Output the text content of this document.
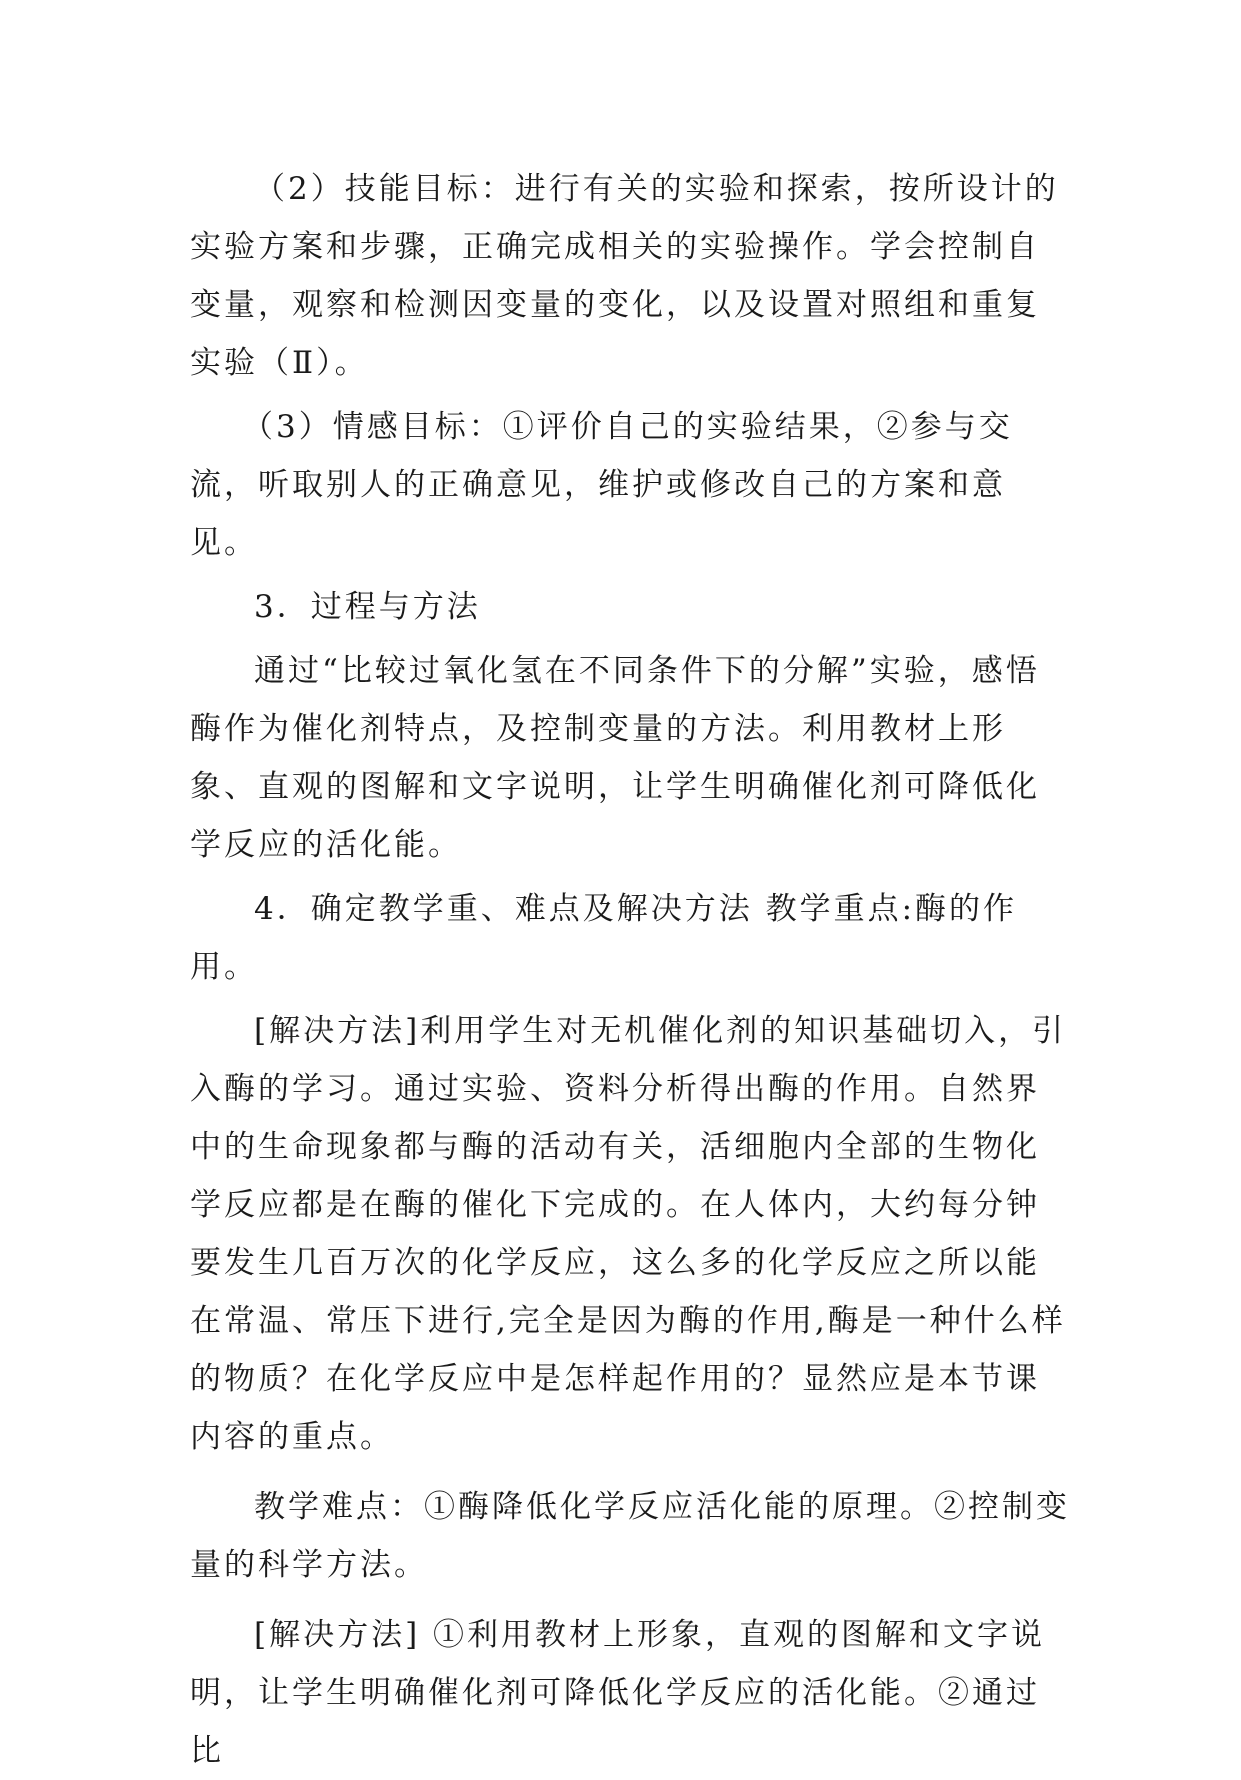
（2）技能目标：进行有关的实验和探索，按所设计的实验方案和步骤，正确完成相关的实验操作。学会控制自变量，观察和检测因变量的变化，以及设置对照组和重复实验（Ⅱ）。

（3）情感目标：①评价自己的实验结果，②参与交流，听取别人的正确意见，维护或修改自己的方案和意见。

3．过程与方法

通过“比较过氧化氢在不同条件下的分解”实验，感悟酶作为催化剂特点，及控制变量的方法。利用教材上形象、直观的图解和文字说明，让学生明确催化剂可降低化学反应的活化能。

4．确定教学重、难点及解决方法 教学重点:酶的作用。

[解决方法]利用学生对无机催化剂的知识基础切入，引入酶的学习。通过实验、资料分析得出酶的作用。自然界中的生命现象都与酶的活动有关，活细胞内全部的生物化学反应都是在酶的催化下完成的。在人体内，大约每分钟要发生几百万次的化学反应，这么多的化学反应之所以能在常温、常压下进行,完全是因为酶的作用,酶是一种什么样的物质？在化学反应中是怎样起作用的？显然应是本节课内容的重点。

教学难点：①酶降低化学反应活化能的原理。②控制变量的科学方法。

[解决方法] ①利用教材上形象，直观的图解和文字说明，让学生明确催化剂可降低化学反应的活化能。②通过比
